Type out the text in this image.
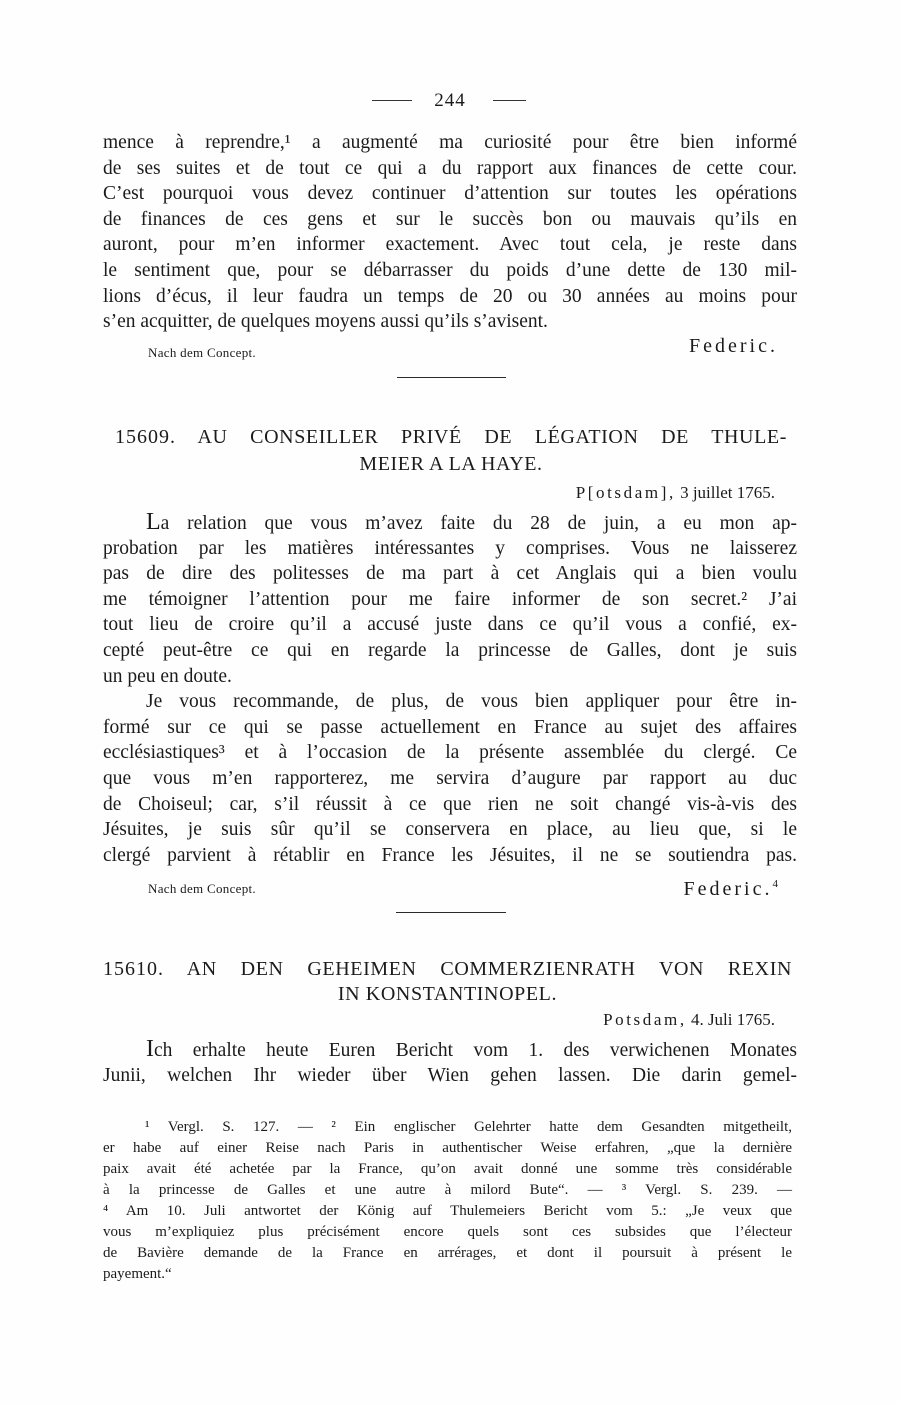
244
mence à reprendre,¹ a augmenté ma curiosité pour être bien informé
de ses suites et de tout ce qui a du rapport aux finances de cette cour.
C’est pourquoi vous devez continuer d’attention sur toutes les opérations
de finances de ces gens et sur le succès bon ou mauvais qu’ils en
auront, pour m’en informer exactement. Avec tout cela, je reste dans
le sentiment que, pour se débarrasser du poids d’une dette de 130 mil-
lions d’écus, il leur faudra un temps de 20 ou 30 années au moins pour
s’en acquitter, de quelques moyens aussi qu’ils s’avisent.
Nach dem Concept.	Federic.
15609. AU CONSEILLER PRIVÉ DE LÉGATION DE THULE-
MEIER A LA HAYE.
P[otsdam], 3 juillet 1765.
La relation que vous m’avez faite du 28 de juin, a eu mon ap-
probation par les matières intéressantes y comprises. Vous ne laisserez
pas de dire des politesses de ma part à cet Anglais qui a bien voulu
me témoigner l’attention pour me faire informer de son secret.² J’ai
tout lieu de croire qu’il a accusé juste dans ce qu’il vous a confié, ex-
cepté peut-être ce qui en regarde la princesse de Galles, dont je suis
un peu en doute.
Je vous recommande, de plus, de vous bien appliquer pour être in-
formé sur ce qui se passe actuellement en France au sujet des affaires
ecclésiastiques³ et à l’occasion de la présente assemblée du clergé. Ce
que vous m’en rapporterez, me servira d’augure par rapport au duc
de Choiseul; car, s’il réussit à ce que rien ne soit changé vis-à-vis des
Jésuites, je suis sûr qu’il se conservera en place, au lieu que, si le
clergé parvient à rétablir en France les Jésuites, il ne se soutiendra pas.
Nach dem Concept.	Federic.$^4$
15610. AN DEN GEHEIMEN COMMERZIENRATH VON REXIN
IN KONSTANTINOPEL.
Potsdam, 4. Juli 1765.
Ich erhalte heute Euren Bericht vom 1. des verwichenen Monates
Junii, welchen Ihr wieder über Wien gehen lassen. Die darin gemel-
¹ Vergl. S. 127. — ² Ein englischer Gelehrter hatte dem Gesandten mitgetheilt,
er habe auf einer Reise nach Paris in authentischer Weise erfahren, „que la dernière
paix avait été achetée par la France, qu’on avait donné une somme très considérable
à la princesse de Galles et une autre à milord Bute“. — ³ Vergl. S. 239. —
⁴ Am 10. Juli antwortet der König auf Thulemeiers Bericht vom 5.: „Je veux que
vous m’expliquiez plus précisément encore quels sont ces subsides que l’électeur
de Bavière demande de la France en arrérages, et dont il poursuit à présent le
payement.“
